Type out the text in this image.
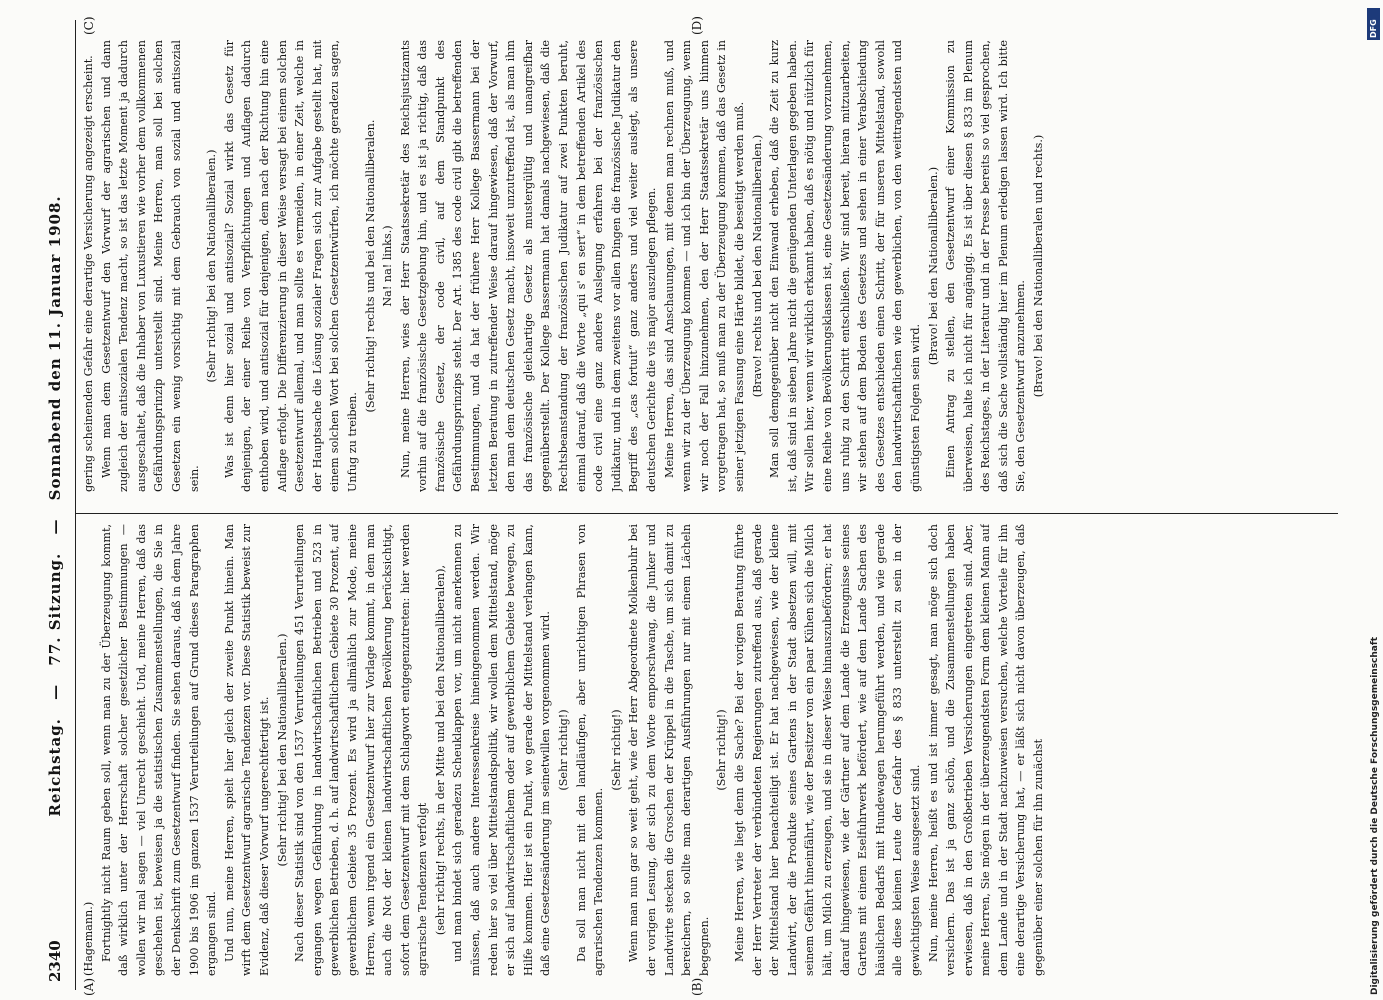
2340
Reichstag. — 77. Sitzung. — Sonnabend den 11. Januar 1908.
(A)	(B)
(C)	(D)

(Hagemann.) Fortnightly nicht Raum geben soll, wenn man zu der Überzeugung kommt, daß wirklich unter der Herrschaft solcher gesetzlicher Bestimmungen — wollen wir mal sagen — viel Unrecht geschieht. Und, meine Herren, daß das geschehen ist, beweisen ja die statistischen Zusammenstellungen, die Sie in der Denkschrift zum Gesetzentwurf finden. Sie sehen daraus, daß in dem Jahre 1900 bis 1906 im ganzen 1537 Verurteilungen auf Grund dieses Paragraphen ergangen sind. Und nun, meine Herren, spielt hier gleich der zweite Punkt hinein. Man wirft dem Gesetzentwurf agrarische Tendenzen vor. Diese Statistik beweist zur Evidenz, daß dieser Vorwurf ungerechtfertigt ist. (Sehr richtig! bei den Nationalliberalen.) Nach dieser Statistik sind von den 1537 Verurteilungen 451 Verurteilungen ergangen wegen Gefährdung in landwirtschaftlichen Betrieben und 523 in gewerblichen Betrieben, d. h. auf landwirtschaftlichem Gebiete 30 Prozent, auf gewerblichem Gebiete 35 Prozent. Es wird ja allmählich zur Mode, meine Herren, wenn irgend ein Gesetzentwurf hier zur Vorlage kommt, in dem man auch die Not der kleinen landwirtschaftlichen Bevölkerung berücksichtigt, sofort dem Gesetzentwurf mit dem Schlagwort entgegenzutreten: hier werden agrarische Tendenzen verfolgt (sehr richtig! rechts, in der Mitte und bei den Nationalliberalen), und man bindet sich geradezu Scheuklappen vor, um nicht anerkennen zu müssen, daß auch andere Interessenkreise hineingenommen werden. Wir reden hier so viel über Mittelstandspolitik, wir wollen dem Mittelstand, möge er sich auf landwirtschaftlichem oder auf gewerblichem Gebiete bewegen, zu Hilfe kommen. Hier ist ein Punkt, wo gerade der Mittelstand verlangen kann, daß eine Gesetzesänderung im seinetwillen vorgenommen wird. (Sehr richtig!) Da soll man nicht mit den landläufigen, aber unrichtigen Phrasen von agrarischen Tendenzen kommen.

(Sehr richtig!) Wenn man nun gar so weit geht, wie der Herr Abgeordnete Molkenbuhr bei der vorigen Lesung, der sich zu dem Worte emporschwang, die Junker und Landwirte stecken die Groschen der Krüppel in die Tasche, um sich damit zu bereichern, so sollte man derartigen Ausführungen nur mit einem Lächeln begegnen.

(Sehr richtig!) Meine Herren, wie liegt denn die Sache? Bei der vorigen Beratung führte der Herr Vertreter der verbündeten Regierungen zutreffend aus, daß gerade der Mittelstand hier benachteiligt ist. Er hat nachgewiesen, wie der kleine Landwirt, der die Produkte seines Gartens in der Stadt absetzen will, mit seinem Gefährt hineinfährt, wie der Besitzer von ein paar Kühen sich die Milch hält, um Milch zu erzeugen, und sie in dieser Weise hinauszubefördern; er hat darauf hingewiesen, wie der Gärtner auf dem Lande die Erzeugnisse seines Gartens mit einem Eselfuhrwerk befördert, wie auf dem Lande Sachen des häuslichen Bedarfs mit Hundewagen herumgeführt werden, und wie gerade alle diese kleinen Leute der Gefahr des § 833 unterstellt zu sein in der gewichtigsten Weise ausgesetzt sind. Nun, meine Herren, heißt es und ist immer gesagt, man möge sich doch versichern. Das ist ja ganz schön, und die Zusammenstellungen haben erwiesen, daß in den Großbetrieben Versicherungen eingetreten sind. Aber, meine Herren, Sie mögen in der überzeugendsten Form dem kleinen Mann auf dem Lande und in der Stadt nachzuweisen versuchen, welche Vorteile für ihn eine derartige Versicherung hat, — er läßt sich nicht davon überzeugen, daß gegenüber einer solchen für ihn zunächst

gering scheinenden Gefahr eine derartige Versicherung angezeigt erscheint. Wenn man dem Gesetzentwurf den Vorwurf der agrarischen und dann zugleich der antisozialen Tendenz macht, so ist das letzte Moment ja dadurch ausgeschaltet, daß die Inhaber von Luxustieren wie vorher dem vollkommenen Gefährdungsprinzip unterstellt sind. Meine Herren, man soll bei solchen Gesetzen ein wenig vorsichtig mit dem Gebrauch von sozial und antisozial sein.

(Sehr richtig! bei den Nationalliberalen.) Was ist denn hier sozial und antisozial? Sozial wirkt das Gesetz für denjenigen, der einer Reihe von Verpflichtungen und Auflagen dadurch enthoben wird, und antisozial für denjenigen, dem nach der Richtung hin eine Auflage erfolgt. Die Differenzierung in dieser Weise versagt bei einem solchen Gesetzentwurf allemal, und man sollte es vermeiden, in einer Zeit, welche in der Hauptsache die Lösung sozialer Fragen sich zur Aufgabe gestellt hat, mit einem solchen Wort bei solchen Gesetzentwürfen, ich möchte geradezu sagen, Unfug zu treiben.

(Sehr richtig! rechts und bei den Nationalliberalen. Na! na! links.) Nun, meine Herren, wies der Herr Staatssekretär des Reichsjustizamts vorhin auf die französische Gesetzgebung hin, und es ist ja richtig, daß das französische Gesetz, der code civil, auf dem Standpunkt des Gefährdungsprinzips steht. Der Art. 1385 des code civil gibt die betreffenden Bestimmungen, und da hat der frühere Herr Kollege Bassermann bei der letzten Beratung in zutreffender Weise darauf hingewiesen, daß der Vorwurf, den man dem deutschen Gesetz macht, insoweit unzutreffend ist, als man ihm das französische gleichartige Gesetz als mustergültig und unangreifbar gegenüberstellt. Der Kollege Bassermann hat damals nachgewiesen, daß die Rechtsbeanstandung der französischen Judikatur auf zwei Punkten beruht, einmal darauf, daß die Worte „qui s' en sert“ in dem betreffenden Artikel des code civil eine ganz andere Auslegung erfahren bei der französischen Judikatur, und in dem zweitens vor allen Dingen die französische Judikatur den Begriff des „cas fortuit“ ganz anders und viel weiter auslegt, als unsere deutschen Gerichte die vis major auszulegen pflegen. Meine Herren, das sind Anschauungen, mit denen man rechnen muß, und wenn wir zu der Überzeugung kommen — und ich bin der Überzeugung, wenn wir noch der Fall hinzunehmen, den der Herr Staatssekretär uns hinmen vorgetragen hat, so muß man zu der Überzeugung kommen, daß das Gesetz in seiner jetzigen Fassung eine Härte bildet, die beseitigt werden muß. (Bravo! rechts und bei den Nationalliberalen.) Man soll demgegenüber nicht den Einwand erheben, daß die Zeit zu kurz ist, daß sind in sieben Jahre nicht die genügenden Unterlagen gegeben haben. Wir sollen hier, wenn wir wirklich erkannt haben, daß es nötig und nützlich für eine Reihe von Bevölkerungsklassen ist, eine Gesetzesänderung vorzunehmen, uns ruhig zu den Schritt entschließen. Wir sind bereit, hieran mitzuarbeiten, wir stehen auf dem Boden des Gesetzes und sehen in einer Verabschiedung des Gesetzes entschieden einen Schritt, der für unseren Mittelstand, sowohl den landwirtschaftlichen wie den gewerblichen, von den weittragendsten und günstigsten Folgen sein wird.

(Bravo! bei den Nationalliberalen.) Einen Antrag zu stellen, den Gesetzentwurf einer Kommission zu überweisen, halte ich nicht für angängig. Es ist über diesen § 833 im Plenum des Reichstages, in der Literatur und in der Presse bereits so viel gesprochen, daß sich die Sache vollständig hier im Plenum erledigen lassen wird. Ich bitte Sie, den Gesetzentwurf anzunehmen. (Bravo! bei den Nationalliberalen und rechts.)

DFG
Digitalisierung gefördert durch die Deutsche Forschungsgemeinschaft
